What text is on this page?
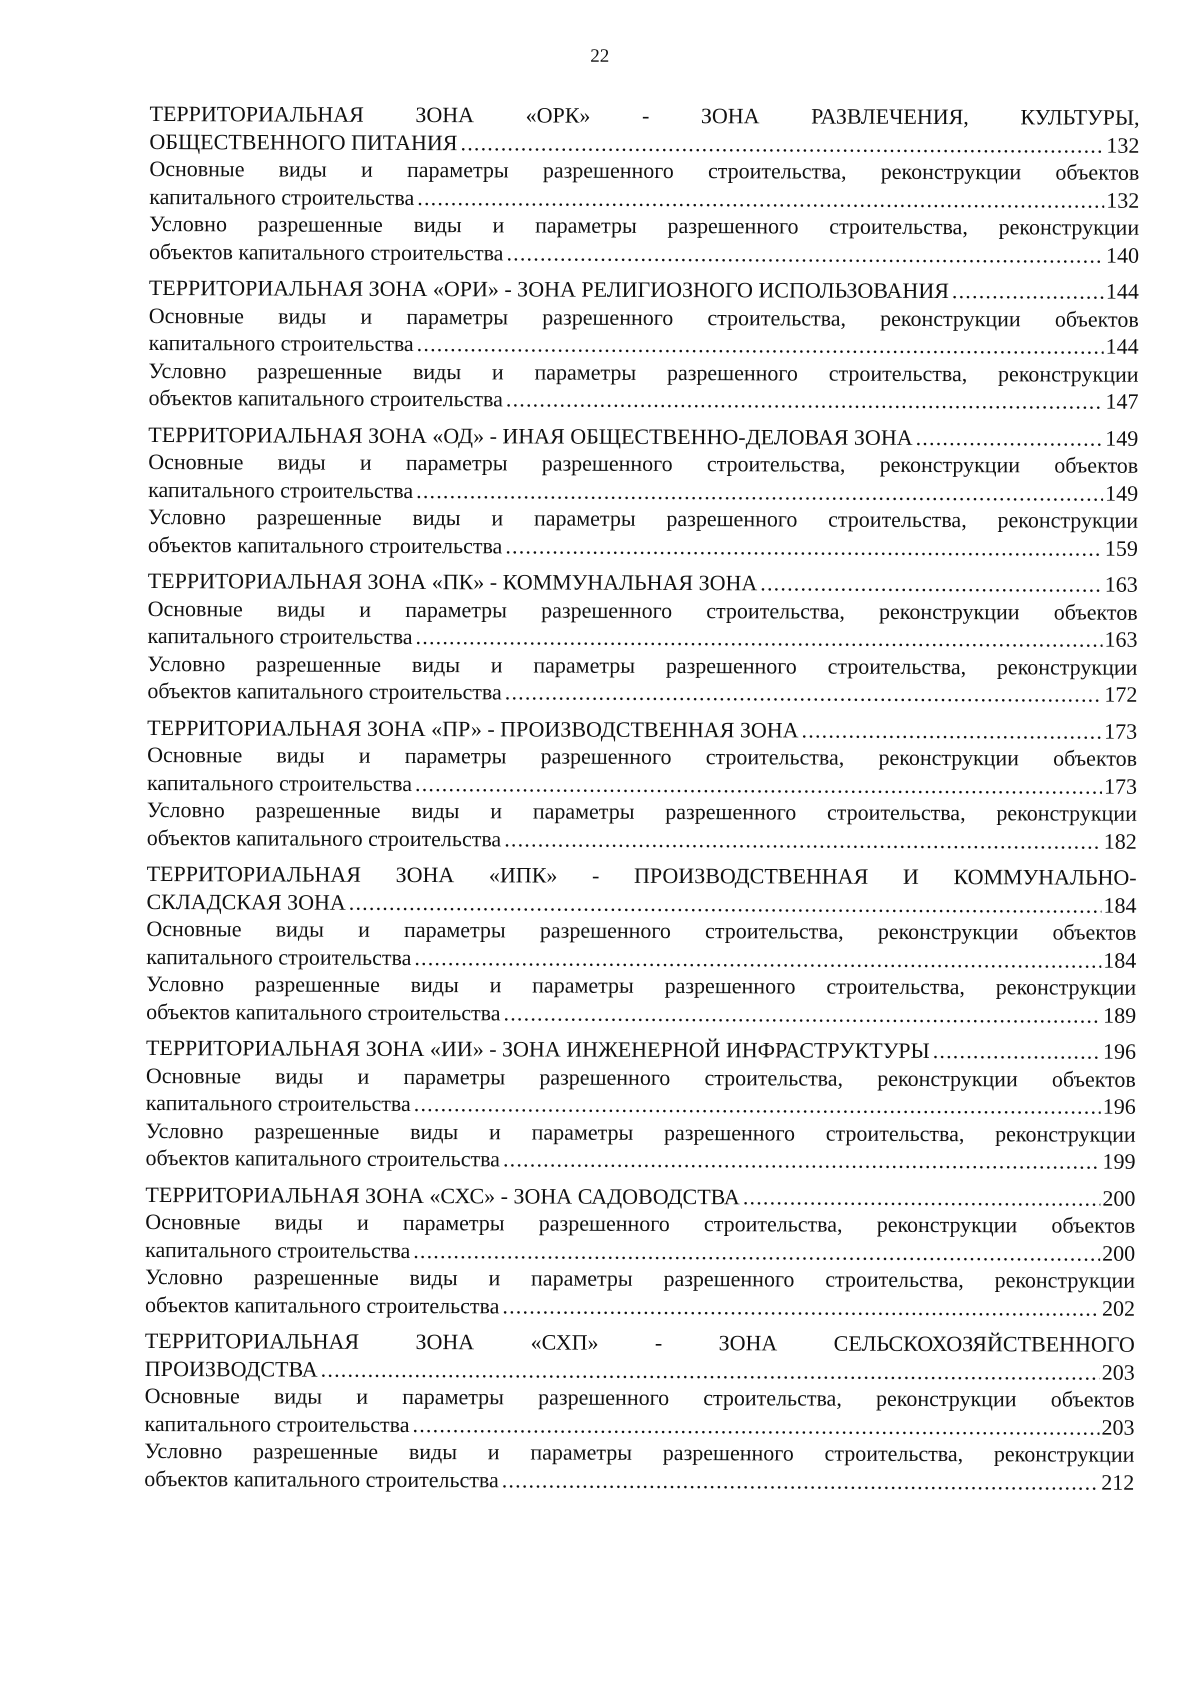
22
ТЕРРИТОРИАЛЬНАЯ ЗОНА «ОРК» - ЗОНА РАЗВЛЕЧЕНИЯ, КУЛЬТУРЫ,
ОБЩЕСТВЕННОГО ПИТАНИЯ .....	132
Основные виды и параметры разрешенного строительства, реконструкции объектов
капитального строительства .....	132
Условно разрешенные виды и параметры разрешенного строительства, реконструкции
объектов капитального строительства .....	140
ТЕРРИТОРИАЛЬНАЯ ЗОНА «ОРИ» - ЗОНА РЕЛИГИОЗНОГО ИСПОЛЬЗОВАНИЯ .....	144
Основные виды и параметры разрешенного строительства, реконструкции объектов
капитального строительства .....	144
Условно разрешенные виды и параметры разрешенного строительства, реконструкции
объектов капитального строительства .....	147
ТЕРРИТОРИАЛЬНАЯ ЗОНА «ОД» - ИНАЯ ОБЩЕСТВЕННО-ДЕЛОВАЯ ЗОНА .....	149
Основные виды и параметры разрешенного строительства, реконструкции объектов
капитального строительства .....	149
Условно разрешенные виды и параметры разрешенного строительства, реконструкции
объектов капитального строительства .....	159
ТЕРРИТОРИАЛЬНАЯ ЗОНА «ПК» - КОММУНАЛЬНАЯ ЗОНА .....	163
Основные виды и параметры разрешенного строительства, реконструкции объектов
капитального строительства .....	163
Условно разрешенные виды и параметры разрешенного строительства, реконструкции
объектов капитального строительства .....	172
ТЕРРИТОРИАЛЬНАЯ ЗОНА «ПР» - ПРОИЗВОДСТВЕННАЯ ЗОНА .....	173
Основные виды и параметры разрешенного строительства, реконструкции объектов
капитального строительства .....	173
Условно разрешенные виды и параметры разрешенного строительства, реконструкции
объектов капитального строительства .....	182
ТЕРРИТОРИАЛЬНАЯ ЗОНА «ИПК» - ПРОИЗВОДСТВЕННАЯ И КОММУНАЛЬНО-
СКЛАДСКАЯ ЗОНА .....	184
Основные виды и параметры разрешенного строительства, реконструкции объектов
капитального строительства .....	184
Условно разрешенные виды и параметры разрешенного строительства, реконструкции
объектов капитального строительства .....	189
ТЕРРИТОРИАЛЬНАЯ ЗОНА «ИИ» - ЗОНА ИНЖЕНЕРНОЙ ИНФРАСТРУКТУРЫ .....	196
Основные виды и параметры разрешенного строительства, реконструкции объектов
капитального строительства .....	196
Условно разрешенные виды и параметры разрешенного строительства, реконструкции
объектов капитального строительства .....	199
ТЕРРИТОРИАЛЬНАЯ ЗОНА «СХС» - ЗОНА САДОВОДСТВА .....	200
Основные виды и параметры разрешенного строительства, реконструкции объектов
капитального строительства .....	200
Условно разрешенные виды и параметры разрешенного строительства, реконструкции
объектов капитального строительства .....	202
ТЕРРИТОРИАЛЬНАЯ ЗОНА «СХП» - ЗОНА СЕЛЬСКОХОЗЯЙСТВЕННОГО
ПРОИЗВОДСТВА .....	203
Основные виды и параметры разрешенного строительства, реконструкции объектов
капитального строительства .....	203
Условно разрешенные виды и параметры разрешенного строительства, реконструкции
объектов капитального строительства .....	212
